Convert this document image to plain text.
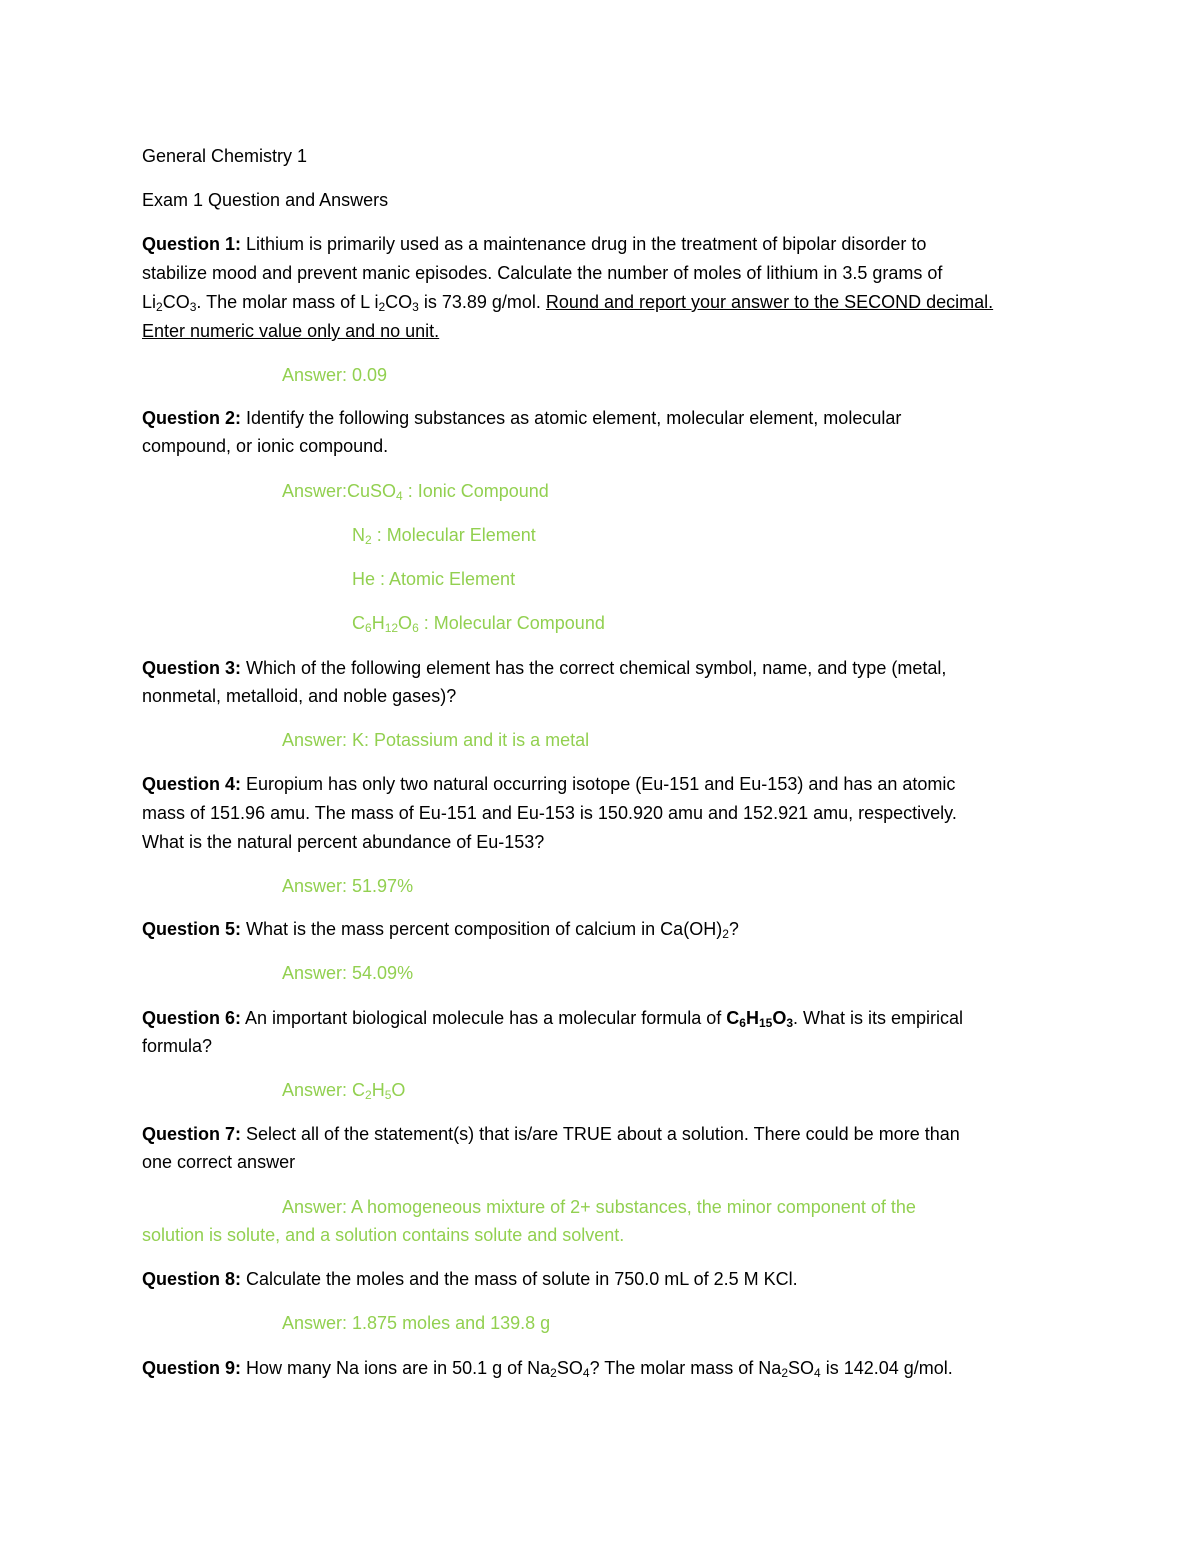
General Chemistry 1
Exam 1 Question and Answers
Question 1: Lithium is primarily used as a maintenance drug in the treatment of bipolar disorder to
stabilize mood and prevent manic episodes. Calculate the number of moles of lithium in 3.5 grams of
$Li_2CO_3$. The molar mass of L $i_2CO_3$ is 73.89 g/mol. Round and report your answer to the SECOND decimal.
Enter numeric value only and no unit.
Answer: 0.09
Question 2: Identify the following substances as atomic element, molecular element, molecular
compound, or ionic compound.
Answer:CuSO$_4$ : Ionic Compound
$N_2$ : Molecular Element
He : Atomic Element
$C_6H_{12}O_6$ : Molecular Compound
Question 3: Which of the following element has the correct chemical symbol, name, and type (metal,
nonmetal, metalloid, and noble gases)?
Answer: K: Potassium and it is a metal
Question 4: Europium has only two natural occurring isotope (Eu-151 and Eu-153) and has an atomic
mass of 151.96 amu. The mass of Eu-151 and Eu-153 is 150.920 amu and 152.921 amu, respectively.
What is the natural percent abundance of Eu-153?
Answer: 51.97%
Question 5: What is the mass percent composition of calcium in $Ca(OH)_2$?
Answer: 54.09%
Question 6: An important biological molecule has a molecular formula of $C_6H_{15}O_3$. What is its empirical
formula?
Answer: $C_2H_5O$
Question 7: Select all of the statement(s) that is/are TRUE about a solution. There could be more than
one correct answer
Answer: A homogeneous mixture of 2+ substances, the minor component of the
solution is solute, and a solution contains solute and solvent.
Question 8: Calculate the moles and the mass of solute in 750.0 mL of 2.5 M KCl.
Answer: 1.875 moles and 139.8 g
Question 9: How many Na ions are in 50.1 g of $Na_2SO_4$? The molar mass of $Na_2SO_4$ is 142.04 g/mol.
